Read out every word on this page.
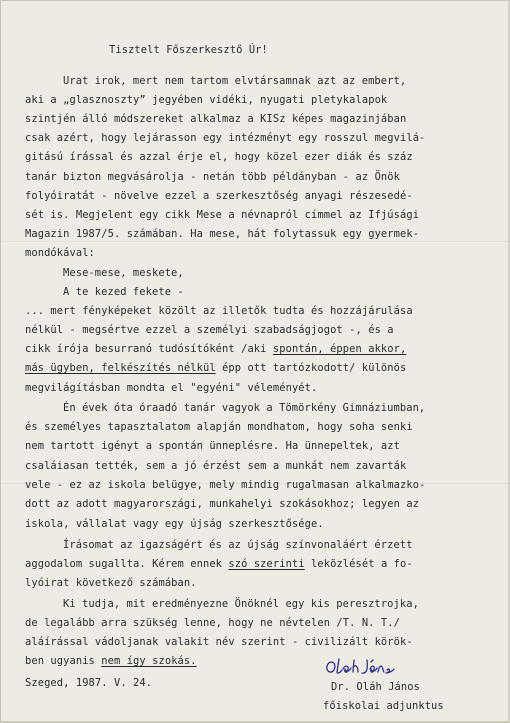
Tisztelt Főszerkesztő Úr!
Urat irok, mert nem tartom elvtársamnak azt az embert,
aki a „glasznoszty” jegyében vidéki, nyugati pletykalapok
szintjén álló módszereket alkalmaz a KISz képes magazinjában
csak azért, hogy lejárasson egy intézményt egy rosszul megvilá-
gitású írással és azzal érje el, hogy közel ezer diák és száz
tanár bizton megvásárolja - netán több példányban - az Önök
folyóiratát - növelve ezzel a szerkesztőség anyagi részesedé-
sét is. Megjelent egy cikk Mese a névnapról címmel az Ifjúsági
Magazin 1987/5. számában. Ha mese, hát folytassuk egy gyermek-
mondókával:
Mese-mese, meskete,
A te kezed fekete -
... mert fényképeket közölt az illetők tudta és hozzájárulása
nélkül - megsértve ezzel a személyi szabadságjogot -, és a
cikk írója besurranó tudósítóként /aki spontán, éppen akkor,
más ügyben, felkészítés nélkül épp ott tartózkodott/ különös
megvilágításban mondta el "egyéni" véleményét.
Én évek óta óraadó tanár vagyok a Tömörkény Gimnáziumban,
és személyes tapasztalatom alapján mondhatom, hogy soha senki
nem tartott igényt a spontán ünneplésre. Ha ünnepeltek, azt
csaláiasan tették, sem a jó érzést sem a munkát nem zavarták
vele - ez az iskola belügye, mely mindig rugalmasan alkalmazko-
dott az adott magyarországi, munkahelyi szokásokhoz; legyen az
iskola, vállalat vagy egy újság szerkesztősége.
Írásomat az igazságért és az újság színvonaláért érzett
aggodalom sugallta. Kérem ennek szó szerinti leközlését a fo-
lyóirat következő számában.
Ki tudja, mit eredményezne Önöknél egy kis peresztrojka,
de legalább arra szükség lenne, hogy ne névtelen /T. N. T./
aláírással vádoljanak valakit név szerint - civilizált körök-
ben ugyanis nem így szokás.
Szeged, 1987. V. 24.	Dr. Oláh János
főiskolai adjunktus
